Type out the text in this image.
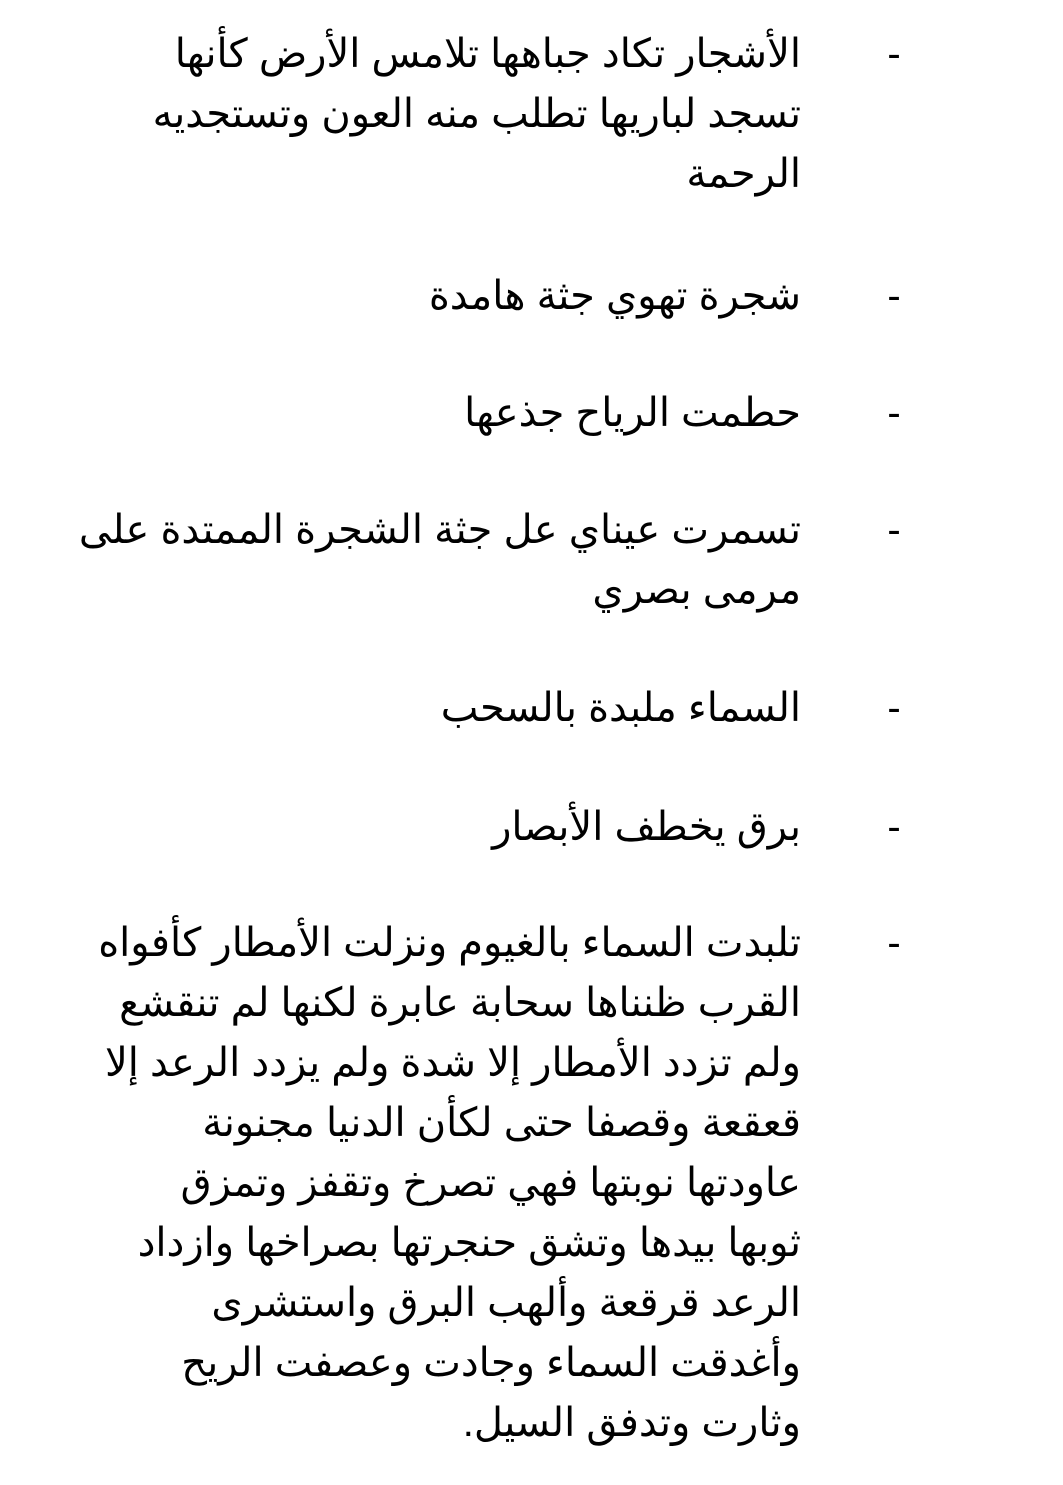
-
الأشجار تكاد جباهها تلامس الأرض كأنها
تسجد لباريها تطلب منه العون وتستجديه
الرحمة
-
شجرة تهوي جثة هامدة
-
حطمت الرياح جذعها
-
تسمرت عيناي عل جثة الشجرة الممتدة على
مرمى بصري
-
السماء ملبدة بالسحب
-
برق يخطف الأبصار
-
تلبدت السماء بالغيوم ونزلت الأمطار كأفواه
القرب ظنناها سحابة عابرة لكنها لم تنقشع
ولم تزدد الأمطار إلا شدة ولم يزدد الرعد إلا
قعقعة وقصفا حتى لكأن الدنيا مجنونة
عاودتها نوبتها فهي تصرخ وتقفز وتمزق
ثوبها بيدها وتشق حنجرتها بصراخها وازداد
الرعد قرقعة وألهب البرق واستشرى
وأغدقت السماء وجادت وعصفت الريح
وثارت وتدفق السيل.
